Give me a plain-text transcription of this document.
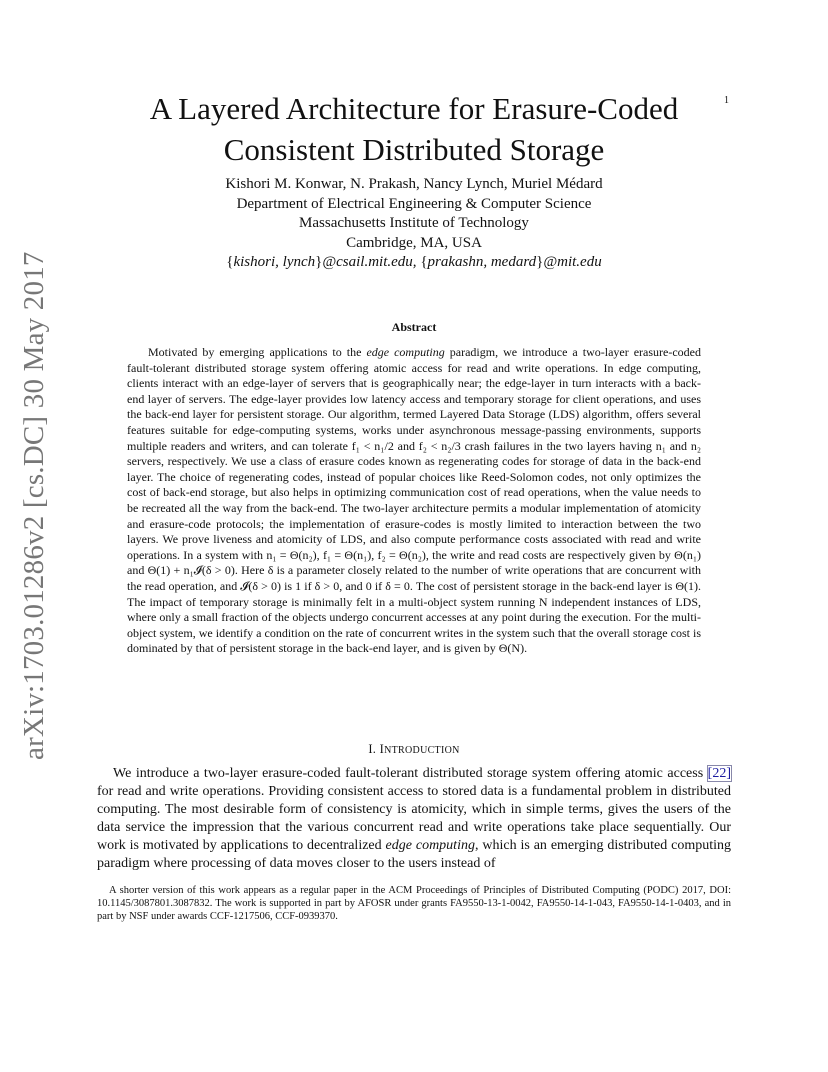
1
arXiv:1703.01286v2 [cs.DC] 30 May 2017
A Layered Architecture for Erasure-Coded
Consistent Distributed Storage
Kishori M. Konwar, N. Prakash, Nancy Lynch, Muriel Médard
Department of Electrical Engineering & Computer Science
Massachusetts Institute of Technology
Cambridge, MA, USA
{kishori, lynch}@csail.mit.edu, {prakashn, medard}@mit.edu
Abstract

Motivated by emerging applications to the edge computing paradigm, we introduce a two-layer erasure-coded fault-tolerant distributed storage system offering atomic access for read and write operations. In edge computing, clients interact with an edge-layer of servers that is geographically near; the edge-layer in turn interacts with a back-end layer of servers. The edge-layer provides low latency access and temporary storage for client operations, and uses the back-end layer for persistent storage. Our algorithm, termed Layered Data Storage (LDS) algorithm, offers several features suitable for edge-computing systems, works under asynchronous message-passing environments, supports multiple readers and writers, and can tolerate f₁ < n₁/2 and f₂ < n₂/3 crash failures in the two layers having n₁ and n₂ servers, respectively. We use a class of erasure codes known as regenerating codes for storage of data in the back-end layer. The choice of regenerating codes, instead of popular choices like Reed-Solomon codes, not only optimizes the cost of back-end storage, but also helps in optimizing communication cost of read operations, when the value needs to be recreated all the way from the back-end. The two-layer architecture permits a modular implementation of atomicity and erasure-code protocols; the implementation of erasure-codes is mostly limited to interaction between the two layers. We prove liveness and atomicity of LDS, and also compute performance costs associated with read and write operations. In a system with n₁ = Θ(n₂), f₁ = Θ(n₁), f₂ = Θ(n₂), the write and read costs are respectively given by Θ(n₁) and Θ(1) + n₁𝓘(δ > 0). Here δ is a parameter closely related to the number of write operations that are concurrent with the read operation, and 𝓘(δ > 0) is 1 if δ > 0, and 0 if δ = 0. The cost of persistent storage in the back-end layer is Θ(1). The impact of temporary storage is minimally felt in a multi-object system running N independent instances of LDS, where only a small fraction of the objects undergo concurrent accesses at any point during the execution. For the multi-object system, we identify a condition on the rate of concurrent writes in the system such that the overall storage cost is dominated by that of persistent storage in the back-end layer, and is given by Θ(N).

I. INTRODUCTION

We introduce a two-layer erasure-coded fault-tolerant distributed storage system offering atomic access [22] for read and write operations. Providing consistent access to stored data is a fundamental problem in distributed computing. The most desirable form of consistency is atomicity, which in simple terms, gives the users of the data service the impression that the various concurrent read and write operations take place sequentially. Our work is motivated by applications to decentralized edge computing, which is an emerging distributed computing paradigm where processing of data moves closer to the users instead of

A shorter version of this work appears as a regular paper in the ACM Proceedings of Principles of Distributed Computing (PODC) 2017, DOI: 10.1145/3087801.3087832. The work is supported in part by AFOSR under grants FA9550-13-1-0042, FA9550-14-1-043, FA9550-14-1-0403, and in part by NSF under awards CCF-1217506, CCF-0939370.
